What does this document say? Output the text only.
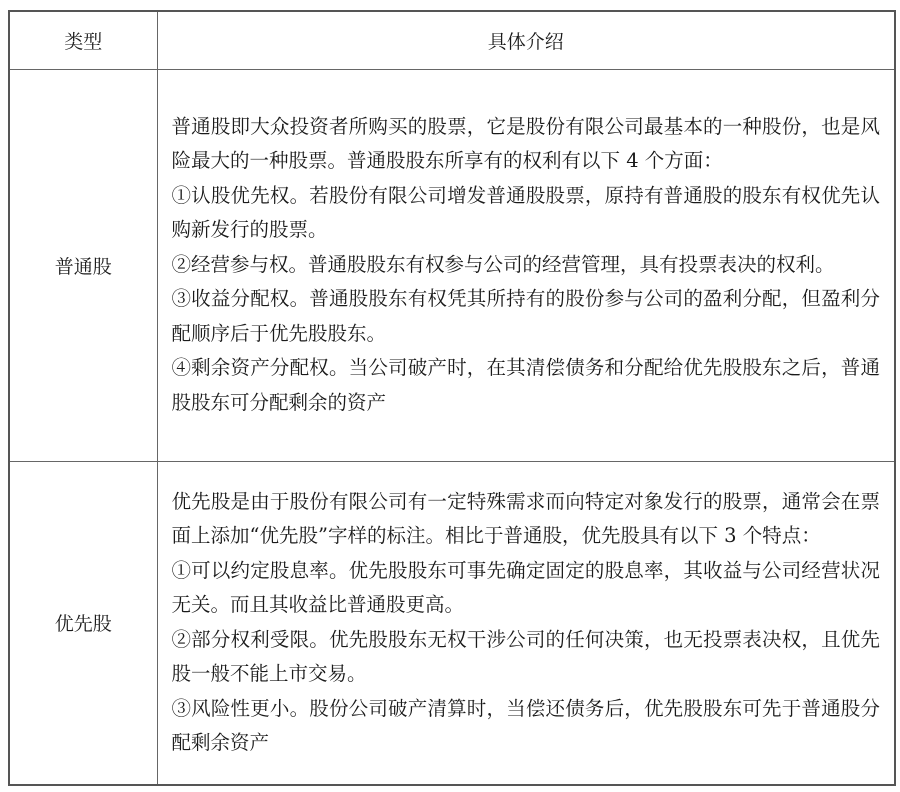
类型	具体介绍
普通股	普通股即大众投资者所购买的股票，它是股份有限公司最基本的一种股份，也是风险最大的一种股票。普通股股东所享有的权利有以下 4 个方面：

①认股优先权。若股份有限公司增发普通股股票，原持有普通股的股东有权优先认购新发行的股票。

②经营参与权。普通股股东有权参与公司的经营管理，具有投票表决的权利。

③收益分配权。普通股股东有权凭其所持有的股份参与公司的盈利分配，但盈利分配顺序后于优先股股东。

④剩余资产分配权。当公司破产时，在其清偿债务和分配给优先股股东之后，普通股股东可分配剩余的资产

优先股	优先股是由于股份有限公司有一定特殊需求而向特定对象发行的股票，通常会在票面上添加“优先股”字样的标注。相比于普通股，优先股具有以下 3 个特点：

①可以约定股息率。优先股股东可事先确定固定的股息率，其收益与公司经营状况无关。而且其收益比普通股更高。

②部分权利受限。优先股股东无权干涉公司的任何决策，也无投票表决权，且优先股一般不能上市交易。

③风险性更小。股份公司破产清算时，当偿还债务后，优先股股东可先于普通股分配剩余资产
